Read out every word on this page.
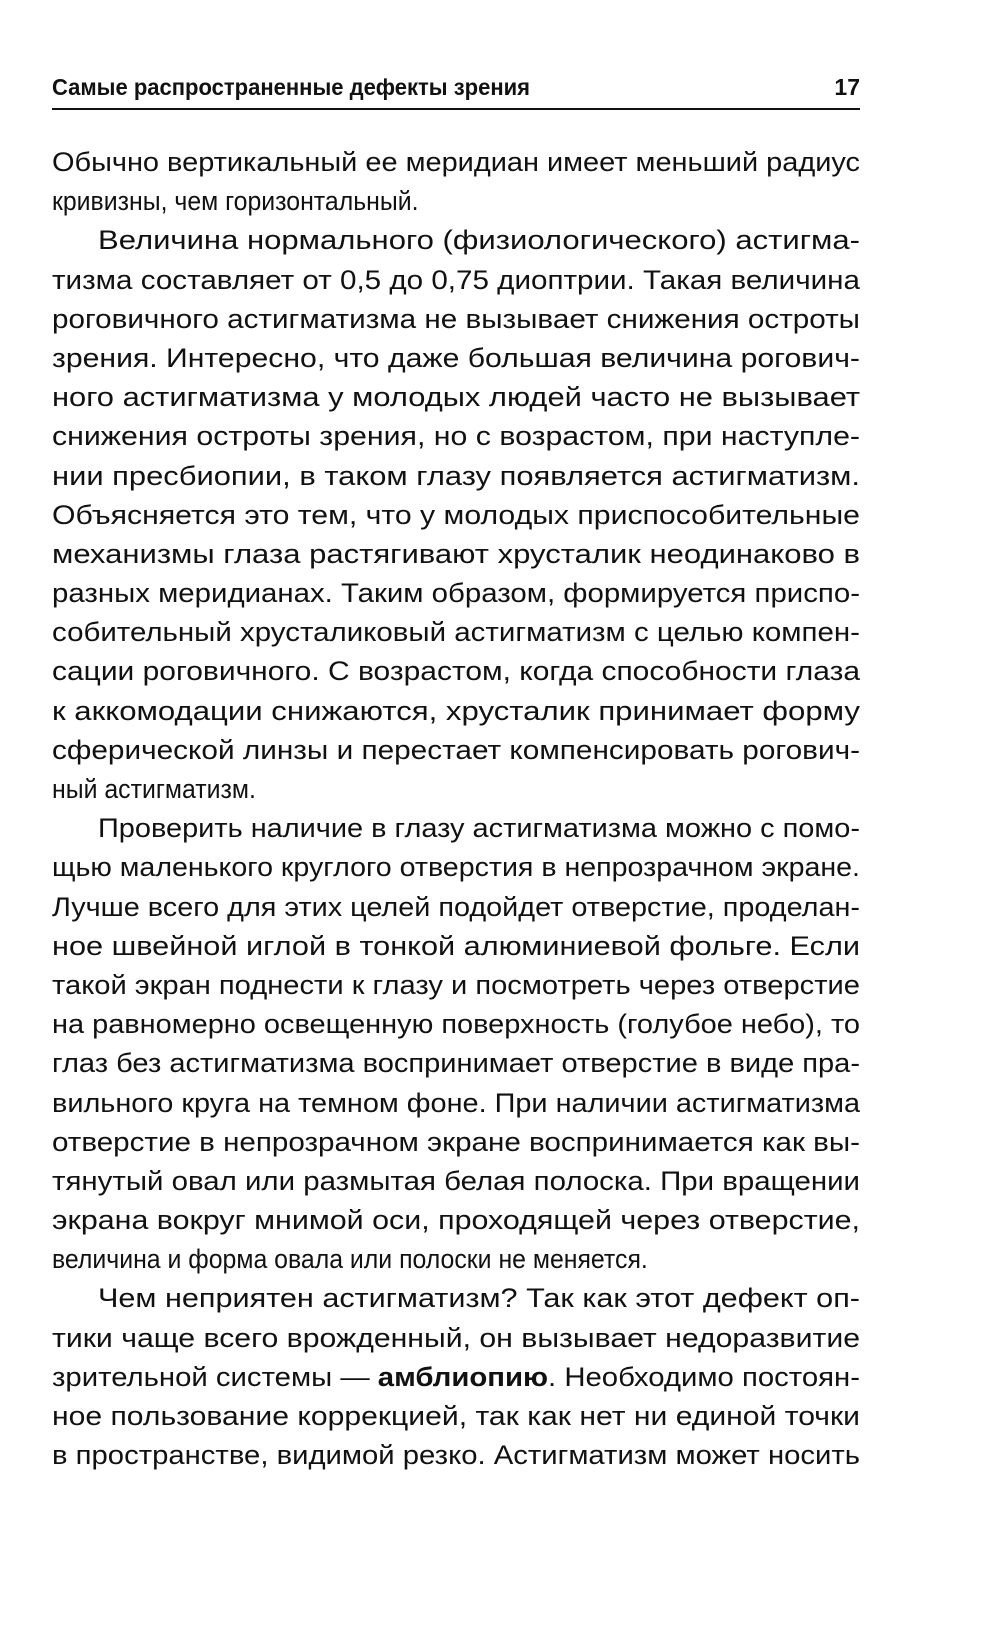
Самые распространенные дефекты зрения	17
Обычно вертикальный ее меридиан имеет меньший радиус
кривизны, чем горизонтальный.
Величина нормального (физиологического) астигма-
тизма составляет от 0,5 до 0,75 диоптрии. Такая величина
роговичного астигматизма не вызывает снижения остроты
зрения. Интересно, что даже большая величина рогович-
ного астигматизма у молодых людей часто не вызывает
снижения остроты зрения, но с возрастом, при наступле-
нии пресбиопии, в таком глазу появляется астигматизм.
Объясняется это тем, что у молодых приспособительные
механизмы глаза растягивают хрусталик неодинаково в
разных меридианах. Таким образом, формируется приспо-
собительный хрусталиковый астигматизм с целью компен-
сации роговичного. С возрастом, когда способности глаза
к аккомодации снижаются, хрусталик принимает форму
сферической линзы и перестает компенсировать рогович-
ный астигматизм.
Проверить наличие в глазу астигматизма можно с помо-
щью маленького круглого отверстия в непрозрачном экране.
Лучше всего для этих целей подойдет отверстие, проделан-
ное швейной иглой в тонкой алюминиевой фольге. Если
такой экран поднести к глазу и посмотреть через отверстие
на равномерно освещенную поверхность (голубое небо), то
глаз без астигматизма воспринимает отверстие в виде пра-
вильного круга на темном фоне. При наличии астигматизма
отверстие в непрозрачном экране воспринимается как вы-
тянутый овал или размытая белая полоска. При вращении
экрана вокруг мнимой оси, проходящей через отверстие,
величина и форма овала или полоски не меняется.
Чем неприятен астигматизм? Так как этот дефект оп-
тики чаще всего врожденный, он вызывает недоразвитие
зрительной системы — амблиопию. Необходимо постоян-
ное пользование коррекцией, так как нет ни единой точки
в пространстве, видимой резко. Астигматизм может носить
